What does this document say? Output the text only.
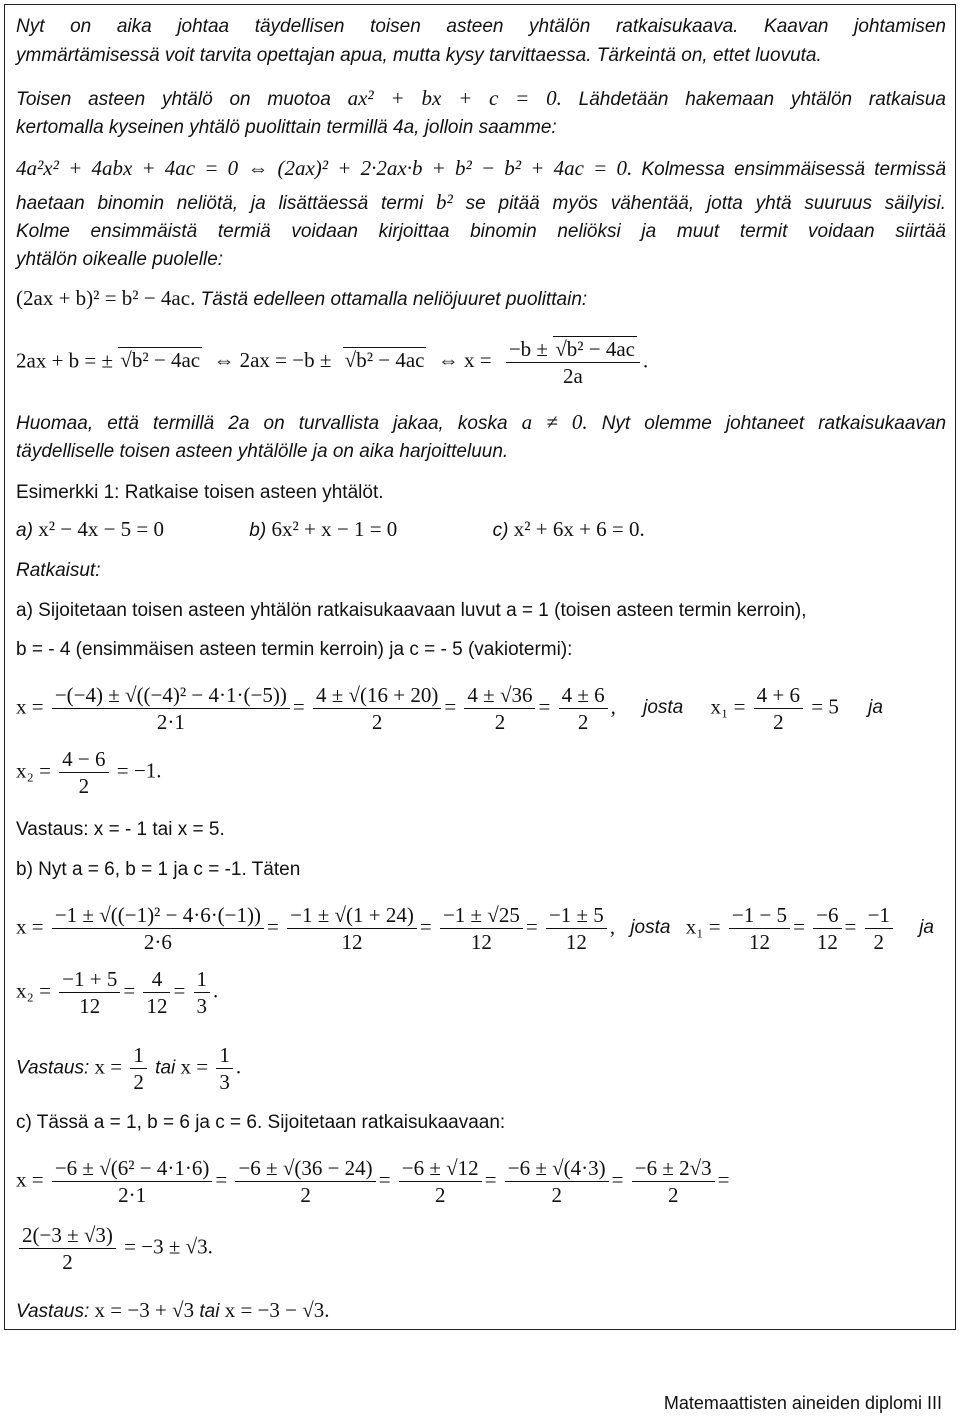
Nyt on aika johtaa täydellisen toisen asteen yhtälön ratkaisukaava. Kaavan johtamisen
ymmärtämisessä voit tarvita opettajan apua, mutta kysy tarvittaessa. Tärkeintä on, ettet luovuta.
Toisen asteen yhtälö on muotoa ax² + bx + c = 0. Lähdetään hakemaan yhtälön ratkaisua
kertomalla kyseinen yhtälö puolittain termillä 4a, jolloin saamme:
4a²x² + 4abx + 4ac = 0 ⇔ (2ax)² + 2·2ax·b + b² − b² + 4ac = 0. Kolmessa ensimmäisessä termissä
haetaan binomin neliötä, ja lisättäessä termi b² se pitää myös vähentää, jotta yhtä suuruus säilyisi.
Kolme ensimmäistä termiä voidaan kirjoittaa binomin neliöksi ja muut termit voidaan siirtää
yhtälön oikealle puolelle:
(2ax + b)² = b² − 4ac. Tästä edelleen ottamalla neliöjuuret puolittain:
2ax + b = ± √ b² − 4ac ⇔ 2ax = −b ± √ b² − 4ac ⇔ $x = \frac{\text{−b ± √ b² − 4ac}}{2a}$ .
Huomaa, että termillä 2a on turvallista jakaa, koska a ≠ 0. Nyt olemme johtaneet ratkaisukaavan
täydelliselle toisen asteen yhtälölle ja on aika harjoitteluun.
Esimerkki 1: Ratkaise toisen asteen yhtälöt.
a) x² − 4x − 5 = 0	b) 6x² + x − 1 = 0	c) x² + 6x + 6 = 0.
Ratkaisut:
a) Sijoitetaan toisen asteen yhtälön ratkaisukaavaan luvut a = 1 (toisen asteen termin kerroin),
b = - 4 (ensimmäisen asteen termin kerroin) ja c = - 5 (vakiotermi):
$x = \frac{\text{−(−4) ± √((−4)² − 4·1·(−5))}}{2\cdot 1} = \frac{4 \pm √(16 + 20)}{2} = \frac{4 \pm √36}{2} = \frac{4 \pm 6}{2}$ , josta $x_1 = \frac{4 + 6}{2} = 5$ ja
$x_2 = \frac{4 - 6}{2} = -1$.
Vastaus: x = - 1 tai x = 5.
b) Nyt a = 6, b = 1 ja c = -1. Täten
$x = \frac{\text{−1 ± √((−1)² − 4·6·(−1))}}{2\cdot 6} = \frac{-1 \pm √(1 + 24)}{12} = \frac{-1 \pm √25}{12} = \frac{-1 \pm 5}{12}$ , josta $x_1 = \frac{-1 - 5}{12} = \frac{-6}{12} = \frac{-1}{2}$ ja
$x_2 = \frac{-1 + 5}{12} = \frac{4}{12} = \frac{1}{3}$ .
Vastaus: $x = \frac{1}{2}$ tai $x = \frac{1}{3}$ .
c) Tässä a = 1, b = 6 ja c = 6. Sijoitetaan ratkaisukaavaan:
$x = \frac{\text{−6 ± √(6² − 4·1·6)}}{2\cdot 1} = \frac{-6 \pm √(36 - 24)}{2} = \frac{-6 \pm √12}{2} = \frac{-6 \pm √(4\cdot 3)}{2} = \frac{-6 \pm 2√3}{2}$ =
$\frac{2(-3 \pm √3)}{2} = -3 \pm √3$.
Vastaus: x = −3 + √3 tai x = −3 − √3.
Matemaattisten aineiden diplomi III
